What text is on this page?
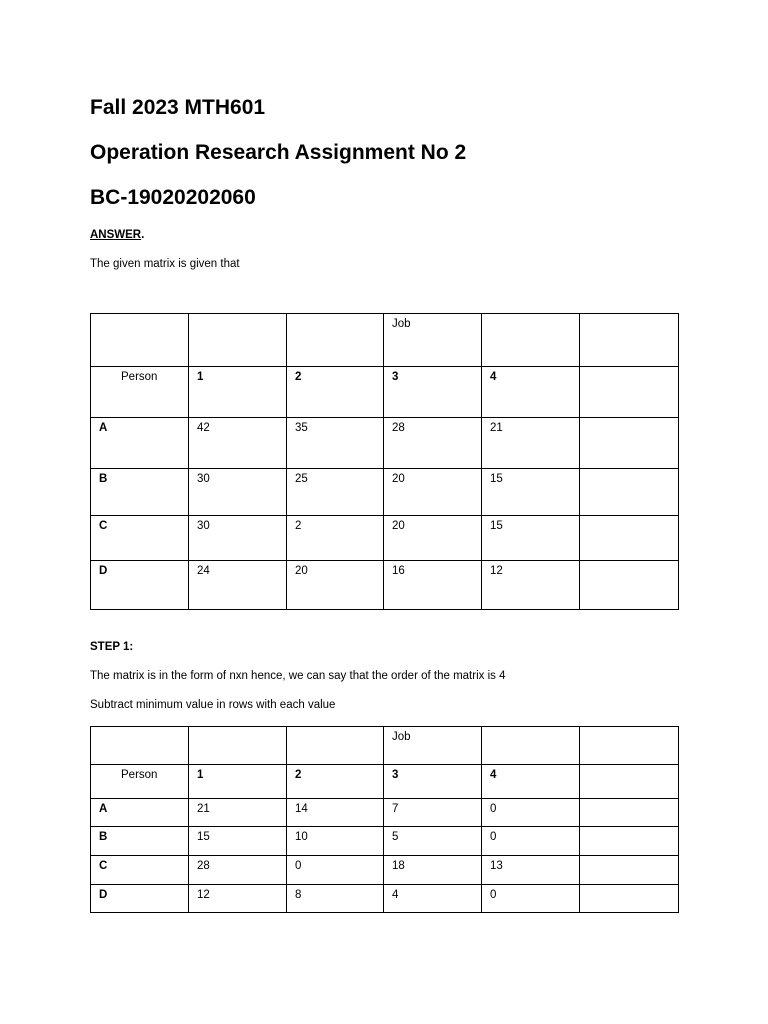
Fall 2023 MTH601
Operation Research Assignment No 2
BC-19020202060

ANSWER.

The given matrix is given that

			Job		
Person	1	2	3	4	
A	42	35	28	21	
B	30	25	20	15	
C	30	2	20	15	
D	24	20	16	12	

STEP 1:

The matrix is in the form of nxn hence, we can say that the order of the matrix is 4

Subtract minimum value in rows with each value

			Job		
Person	1	2	3	4	
A	21	14	7	0	
B	15	10	5	0	
C	28	0	18	13	
D	12	8	4	0	
